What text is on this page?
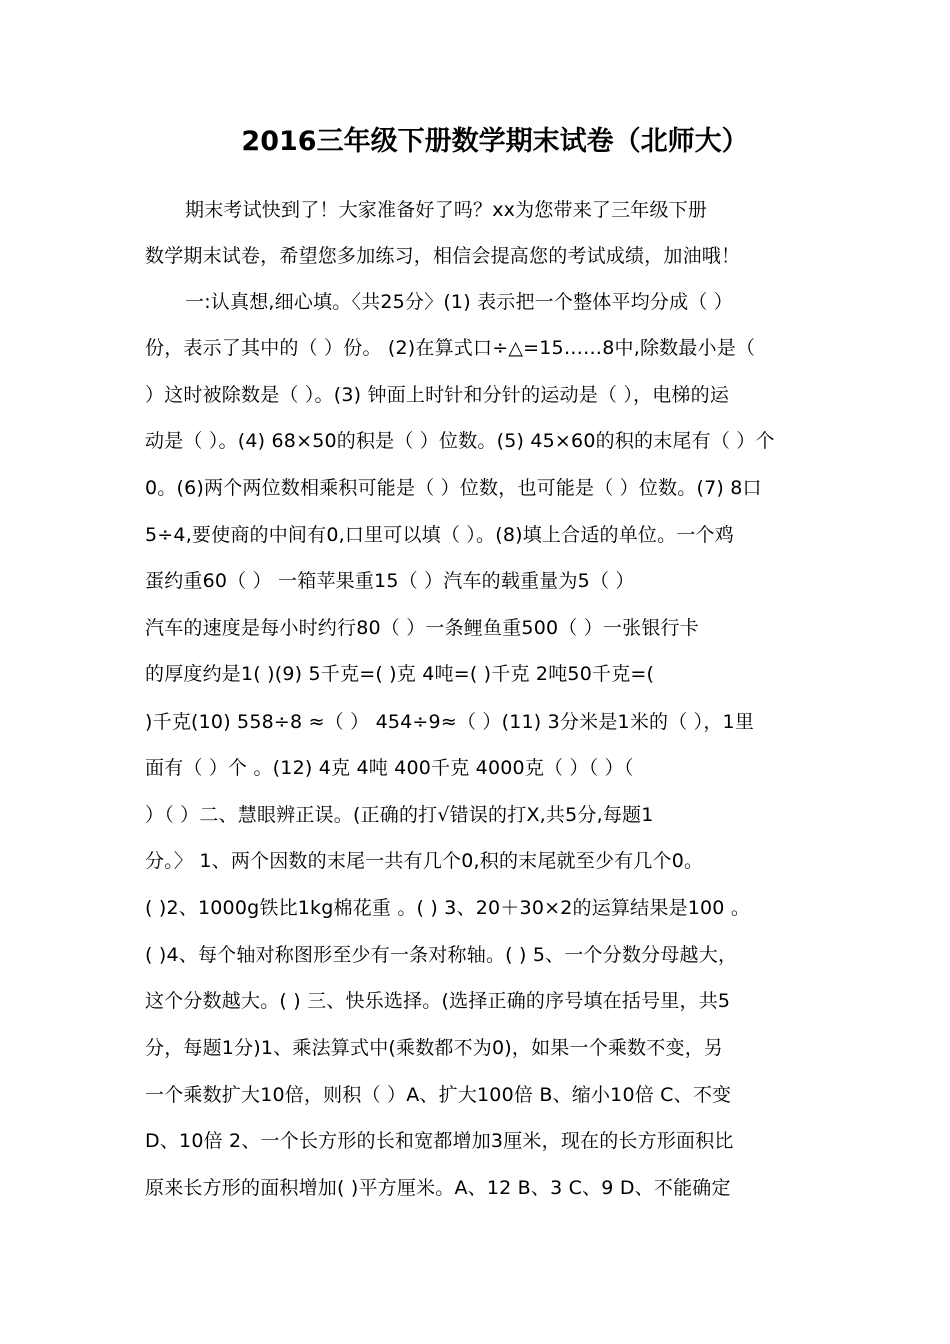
2016三年级下册数学期末试卷（北师大）
期末考试快到了！大家准备好了吗？xx为您带来了三年级下册
数学期末试卷，希望您多加练习，相信会提高您的考试成绩，加油哦！
一:认真想,细心填。〈共25分〉(1) 表示把一个整体平均分成（ ）
份，表示了其中的（ ）份。 (2)在算式口÷△=15……8中,除数最小是（
）这时被除数是（ ）。(3) 钟面上时针和分针的运动是（ ），电梯的运
动是（ ）。(4) 68×50的积是（ ）位数。(5) 45×60的积的末尾有（ ）个
0。(6)两个两位数相乘积可能是（ ）位数，也可能是（ ）位数。(7) 8口
5÷4,要使商的中间有0,口里可以填（ ）。(8)填上合适的单位。一个鸡
蛋约重60（ ） 一箱苹果重15（ ）汽车的载重量为5（ ）
汽车的速度是每小时约行80（ ）一条鲤鱼重500（ ）一张银行卡
的厚度约是1( )(9) 5千克=( )克 4吨=( )千克 2吨50千克=(
)千克(10) 558÷8 ≈（ ） 454÷9≈（ ）(11) 3分米是1米的（ ），1里
面有（ ）个 。(12) 4克 4吨 400千克 4000克（ ）（ ）（
）（ ）二、慧眼辨正误。(正确的打√错误的打X,共5分,每题1
分。〉 1、两个因数的末尾一共有几个0,积的末尾就至少有几个0。
( )2、1000g铁比1kg棉花重 。( ) 3、20＋30×2的运算结果是100 。
( )4、每个轴对称图形至少有一条对称轴。( ) 5、一个分数分母越大，
这个分数越大。( ) 三、快乐选择。(选择正确的序号填在括号里，共5
分，每题1分)1、乘法算式中(乘数都不为0)，如果一个乘数不变，另
一个乘数扩大10倍，则积（ ）A、扩大100倍 B、缩小10倍 C、不变
D、10倍 2、一个长方形的长和宽都增加3厘米，现在的长方形面积比
原来长方形的面积增加( )平方厘米。A、12 B、3 C、9 D、不能确定
